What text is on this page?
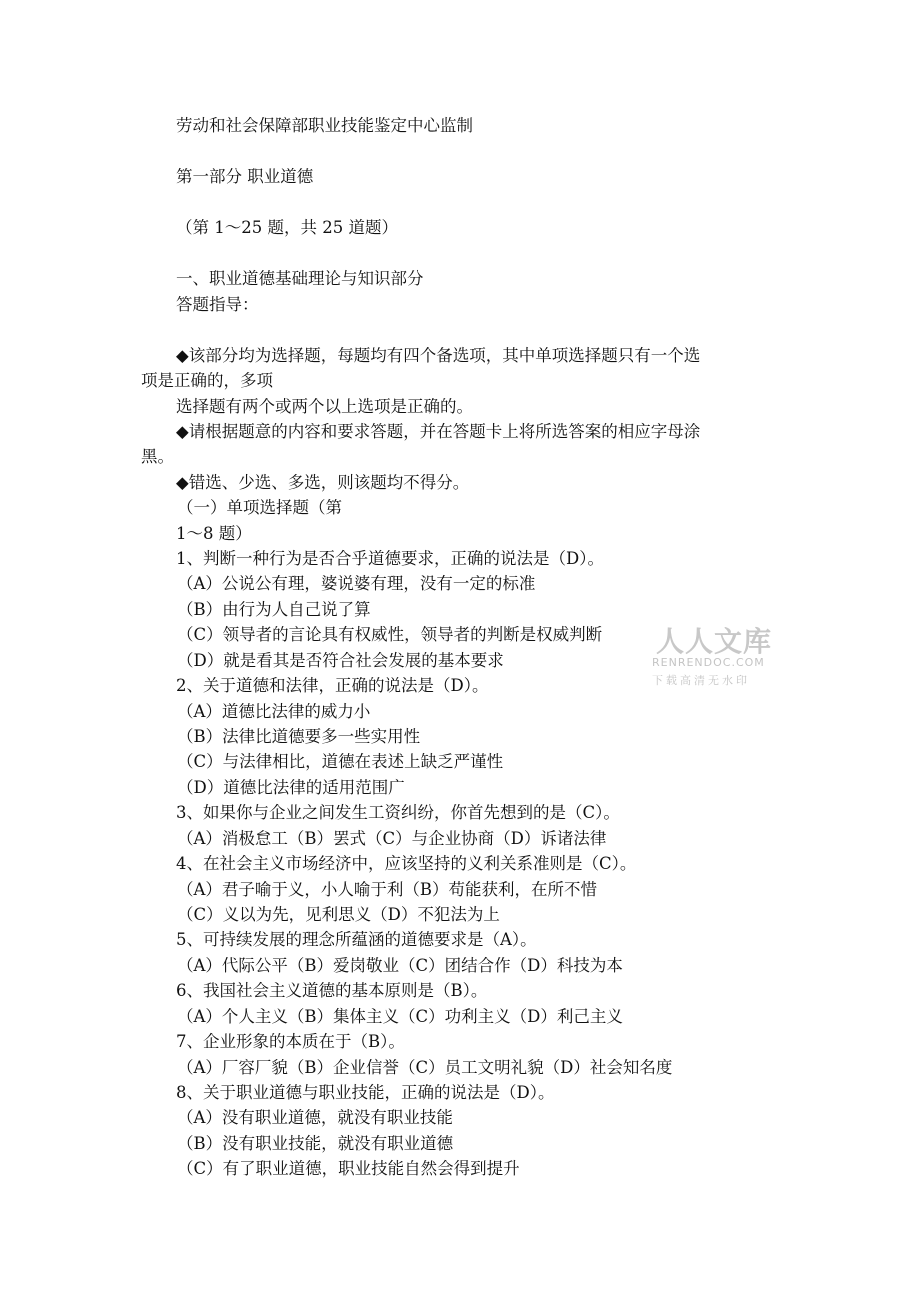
劳动和社会保障部职业技能鉴定中心监制

第一部分 职业道德

（第 1～25 题，共 25 道题）

一、职业道德基础理论与知识部分

答题指导：

◆该部分均为选择题，每题均有四个备选项，其中单项选择题只有一个选

项是正确的，多项

选择题有两个或两个以上选项是正确的。

◆请根据题意的内容和要求答题，并在答题卡上将所选答案的相应字母涂

黑。

◆错选、少选、多选，则该题均不得分。

（一）单项选择题（第

1～8 题）

1、判断一种行为是否合乎道德要求，正确的说法是（D）。

（A）公说公有理，婆说婆有理，没有一定的标准

（B）由行为人自己说了算

（C）领导者的言论具有权威性，领导者的判断是权威判断

（D）就是看其是否符合社会发展的基本要求

2、关于道德和法律，正确的说法是（D）。

（A）道德比法律的威力小

（B）法律比道德要多一些实用性

（C）与法律相比，道德在表述上缺乏严谨性

（D）道德比法律的适用范围广

3、如果你与企业之间发生工资纠纷，你首先想到的是（C）。

（A）消极怠工（B）罢式（C）与企业协商（D）诉诸法律

4、在社会主义市场经济中，应该坚持的义利关系准则是（C）。

（A）君子喻于义，小人喻于利（B）苟能获利，在所不惜

（C）义以为先，见利思义（D）不犯法为上

5、可持续发展的理念所蕴涵的道德要求是（A）。

（A）代际公平（B）爱岗敬业（C）团结合作（D）科技为本

6、我国社会主义道德的基本原则是（B）。

（A）个人主义（B）集体主义（C）功利主义（D）利己主义

7、企业形象的本质在于（B）。

（A）厂容厂貌（B）企业信誉（C）员工文明礼貌（D）社会知名度

8、关于职业道德与职业技能，正确的说法是（D）。

（A）没有职业道德，就没有职业技能

（B）没有职业技能，就没有职业道德

（C）有了职业道德，职业技能自然会得到提升

人人文库
RENRENDOC.COM
下载高清无水印
